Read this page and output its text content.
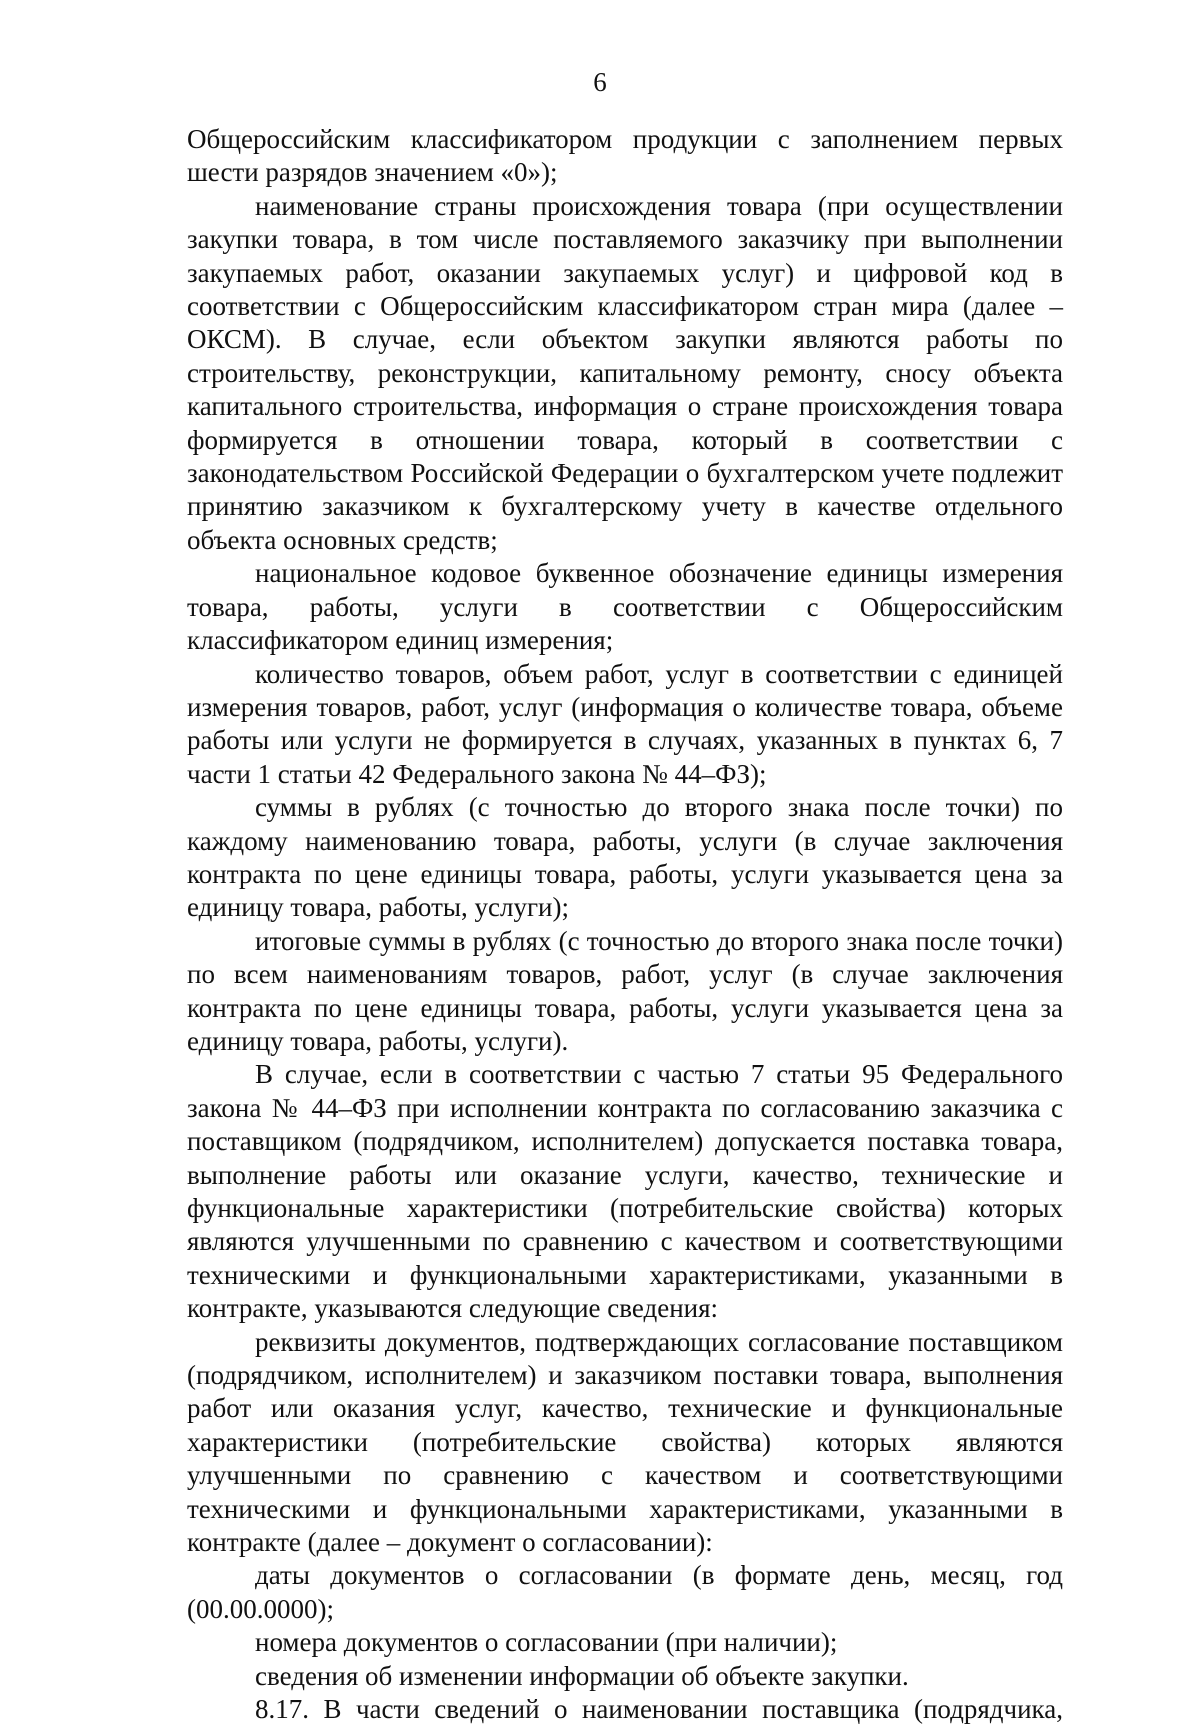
6

Общероссийским классификатором продукции с заполнением первых шести разрядов значением «0»);

наименование страны происхождения товара (при осуществлении закупки товара, в том числе поставляемого заказчику при выполнении закупаемых работ, оказании закупаемых услуг) и цифровой код в соответствии с Общероссийским классификатором стран мира (далее – ОКСМ). В случае, если объектом закупки являются работы по строительству, реконструкции, капитальному ремонту, сносу объекта капитального строительства, информация о стране происхождения товара формируется в отношении товара, который в соответствии с законодательством Российской Федерации о бухгалтерском учете подлежит принятию заказчиком к бухгалтерскому учету в качестве отдельного объекта основных средств;

национальное кодовое буквенное обозначение единицы измерения товара, работы, услуги в соответствии с Общероссийским классификатором единиц измерения;

количество товаров, объем работ, услуг в соответствии с единицей измерения товаров, работ, услуг (информация о количестве товара, объеме работы или услуги не формируется в случаях, указанных в пунктах 6, 7 части 1 статьи 42 Федерального закона № 44–ФЗ);

суммы в рублях (с точностью до второго знака после точки) по каждому наименованию товара, работы, услуги (в случае заключения контракта по цене единицы товара, работы, услуги указывается цена за единицу товара, работы, услуги);

итоговые суммы в рублях (с точностью до второго знака после точки) по всем наименованиям товаров, работ, услуг (в случае заключения контракта по цене единицы товара, работы, услуги указывается цена за единицу товара, работы, услуги).

В случае, если в соответствии с частью 7 статьи 95 Федерального закона № 44–ФЗ при исполнении контракта по согласованию заказчика с поставщиком (подрядчиком, исполнителем) допускается поставка товара, выполнение работы или оказание услуги, качество, технические и функциональные характеристики (потребительские свойства) которых являются улучшенными по сравнению с качеством и соответствующими техническими и функциональными характеристиками, указанными в контракте, указываются следующие сведения:

реквизиты документов, подтверждающих согласование поставщиком (подрядчиком, исполнителем) и заказчиком поставки товара, выполнения работ или оказания услуг, качество, технические и функциональные характеристики (потребительские свойства) которых являются улучшенными по сравнению с качеством и соответствующими техническими и функциональными характеристиками, указанными в контракте (далее – документ о согласовании):

даты документов о согласовании (в формате день, месяц, год (00.00.0000);

номера документов о согласовании (при наличии);

сведения об изменении информации об объекте закупки.

8.17. В части сведений о наименовании поставщика (подрядчика,
